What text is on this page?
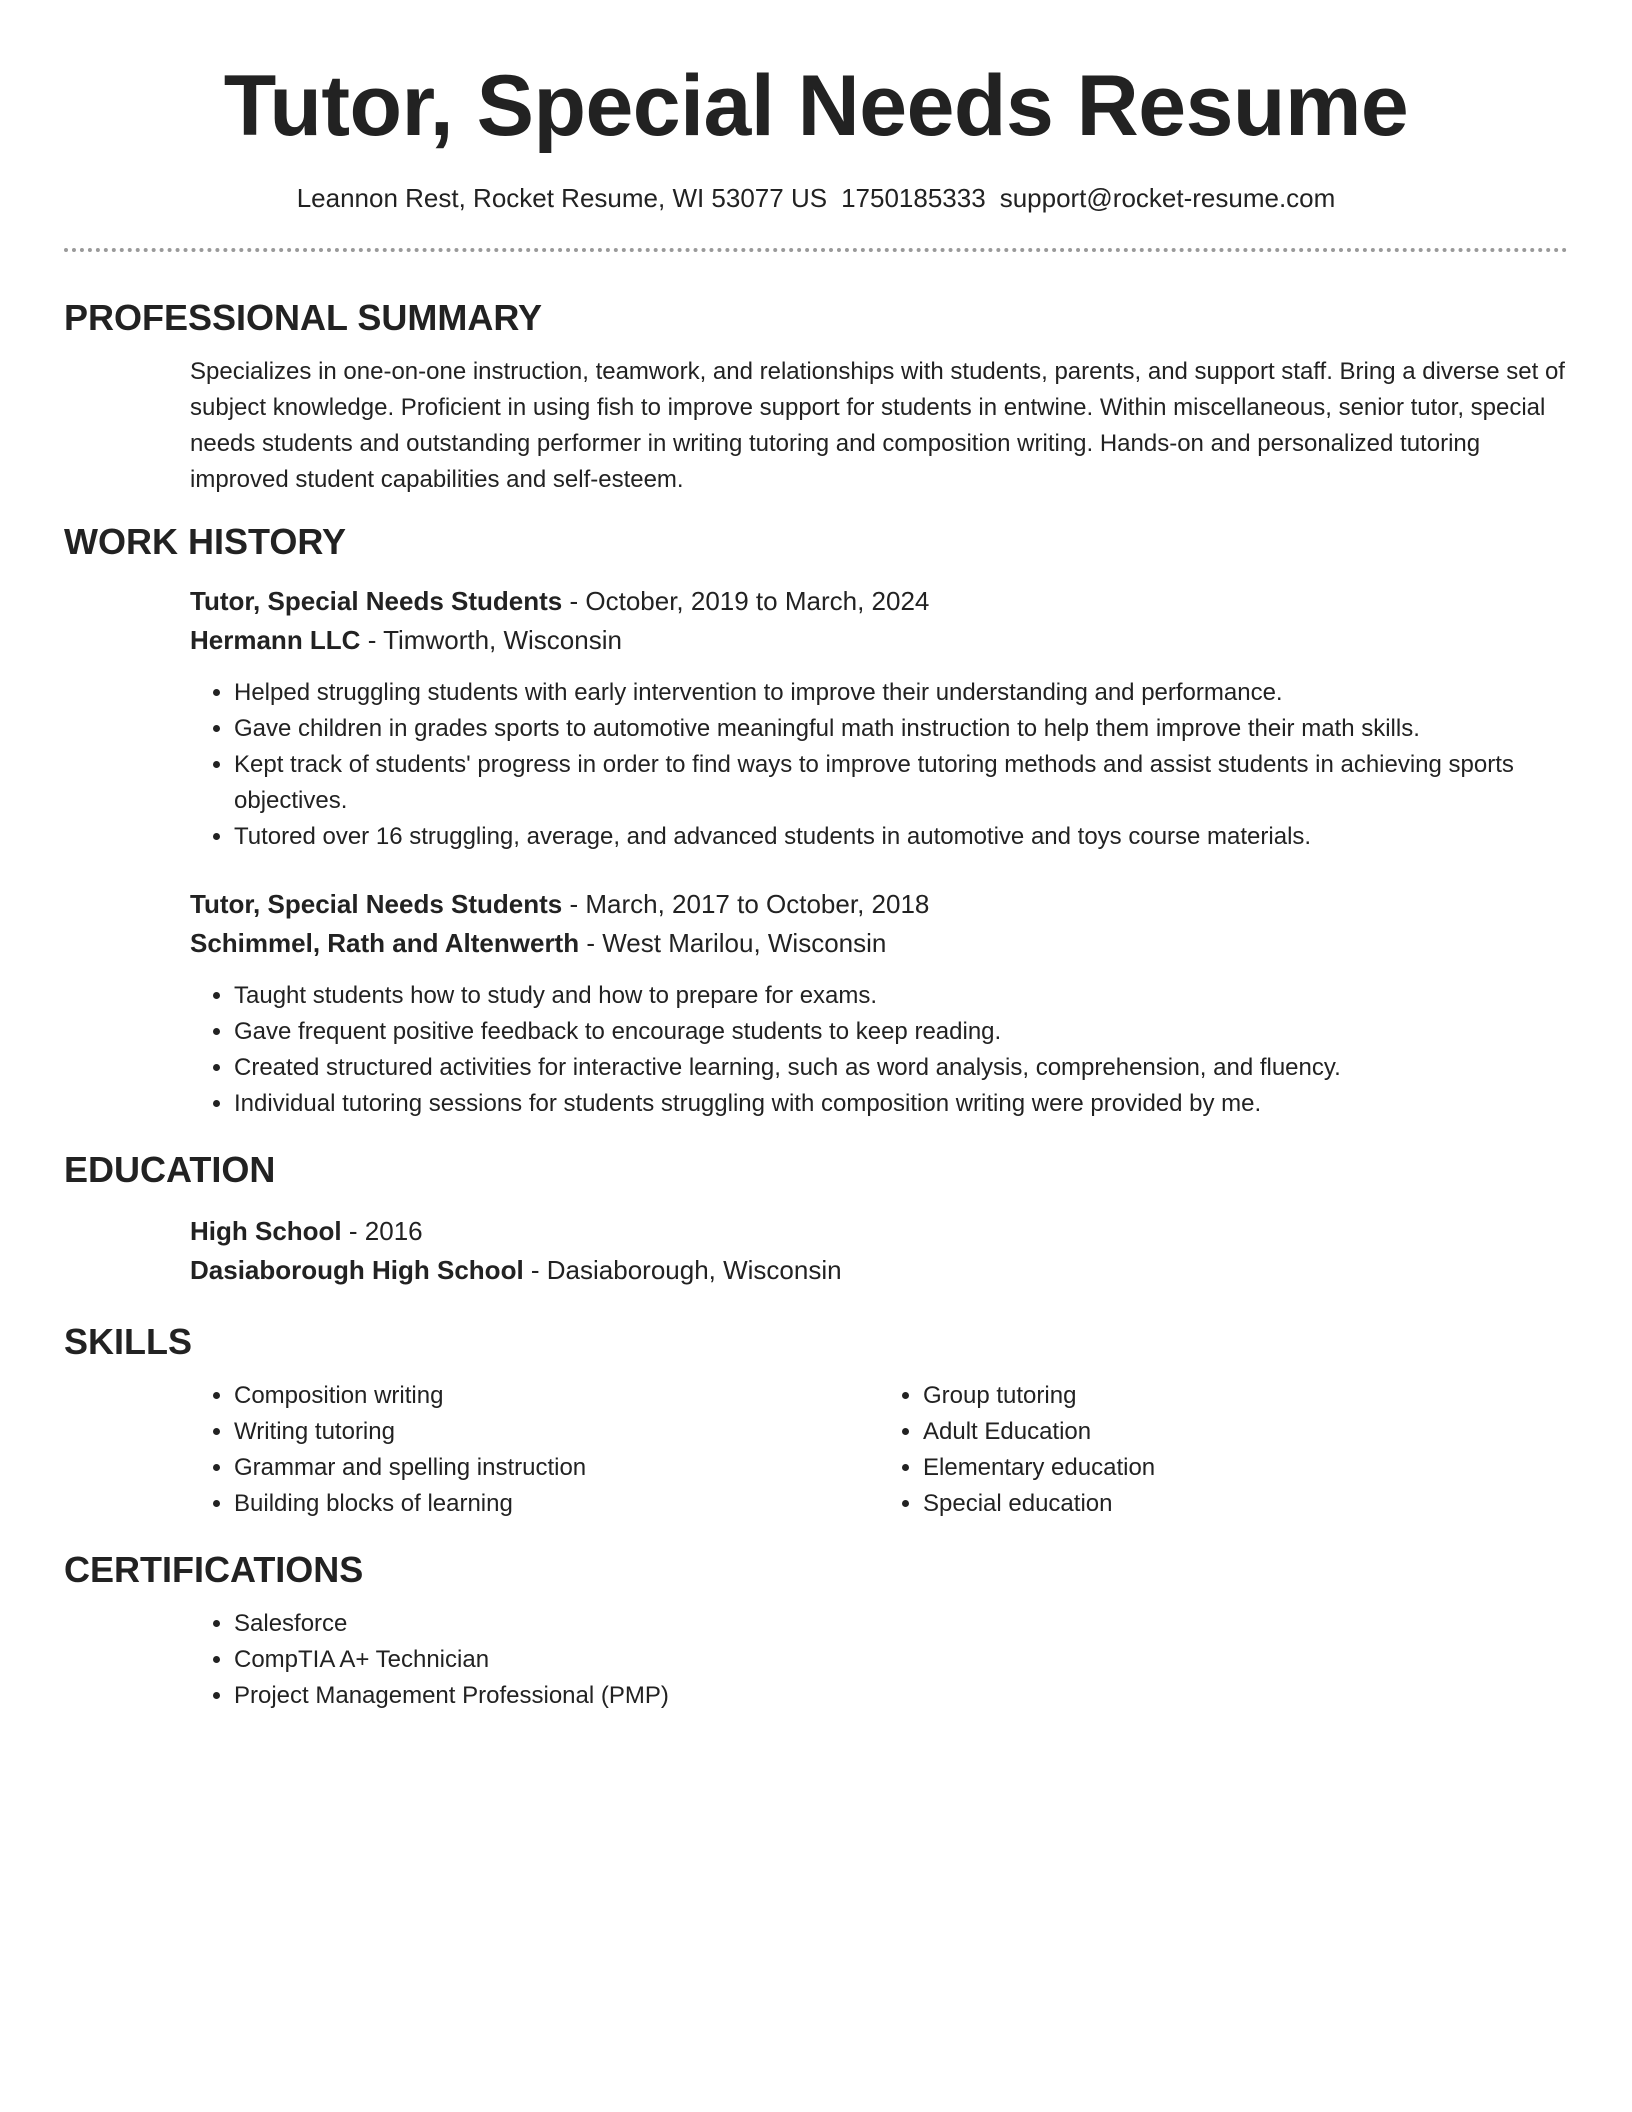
Tutor, Special Needs Resume
Leannon Rest, Rocket Resume, WI 53077 US 1750185333 support@rocket-resume.com
PROFESSIONAL SUMMARY

Specializes in one-on-one instruction, teamwork, and relationships with students, parents, and support staff. Bring a diverse set of subject knowledge. Proficient in using fish to improve support for students in entwine. Within miscellaneous, senior tutor, special needs students and outstanding performer in writing tutoring and composition writing. Hands-on and personalized tutoring improved student capabilities and self-esteem.

WORK HISTORY
Tutor, Special Needs Students - October, 2019 to March, 2024
Hermann LLC - Timworth, Wisconsin
• Helped struggling students with early intervention to improve their understanding and performance.
• Gave children in grades sports to automotive meaningful math instruction to help them improve their math skills.
• Kept track of students' progress in order to find ways to improve tutoring methods and assist students in achieving sports objectives.
• Tutored over 16 struggling, average, and advanced students in automotive and toys course materials.
Tutor, Special Needs Students - March, 2017 to October, 2018
Schimmel, Rath and Altenwerth - West Marilou, Wisconsin
• Taught students how to study and how to prepare for exams.
• Gave frequent positive feedback to encourage students to keep reading.
• Created structured activities for interactive learning, such as word analysis, comprehension, and fluency.
• Individual tutoring sessions for students struggling with composition writing were provided by me.
EDUCATION
High School - 2016
Dasiaborough High School - Dasiaborough, Wisconsin
SKILLS
• Composition writing
• Writing tutoring
• Grammar and spelling instruction
• Building blocks of learning
• Group tutoring
• Adult Education
• Elementary education
• Special education
CERTIFICATIONS
• Salesforce
• CompTIA A+ Technician
• Project Management Professional (PMP)
